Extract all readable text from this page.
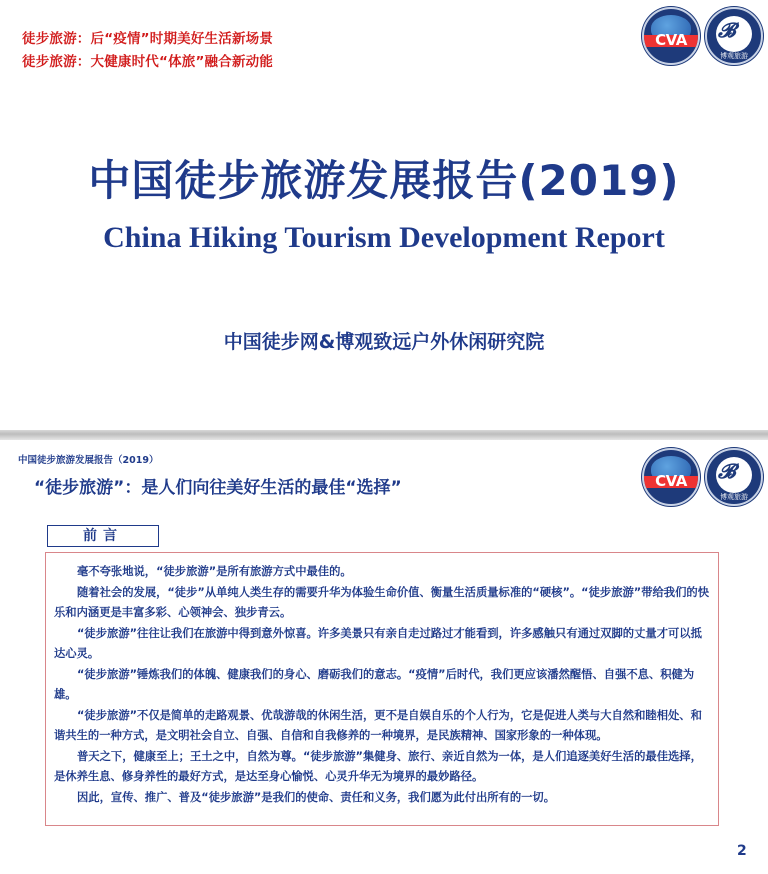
徒步旅游：后“疫情”时期美好生活新场景
徒步旅游：大健康时代“体旅”融合新动能
CVA	𝓑
博观旅游
中国徒步旅游发展报告(2019)
China Hiking Tourism Development Report
中国徒步网&博观致远户外休闲研究院
中国徒步旅游发展报告（2019）
“徒步旅游”：是人们向往美好生活的最佳“选择”	CVA	𝓑
博观旅游
前言

毫不夸张地说，“徒步旅游”是所有旅游方式中最佳的。

随着社会的发展，“徒步”从单纯人类生存的需要升华为体验生命价值、衡量生活质量标准的“硬核”。“徒步旅游”带给我们的快乐和内涵更是丰富多彩、心领神会、独步青云。

“徒步旅游”往往让我们在旅游中得到意外惊喜。许多美景只有亲自走过路过才能看到，许多感触只有通过双脚的丈量才可以抵达心灵。

“徒步旅游”锤炼我们的体魄、健康我们的身心、磨砺我们的意志。“疫情”后时代，我们更应该潘然醒悟、自强不息、积健为雄。

“徒步旅游”不仅是简单的走路观景、优哉游哉的休闲生活，更不是自娱自乐的个人行为，它是促进人类与大自然和睦相处、和谐共生的一种方式，是文明社会自立、自强、自信和自我修养的一种境界，是民族精神、国家形象的一种体现。

普天之下，健康至上；王土之中，自然为尊。“徒步旅游”集健身、旅行、亲近自然为一体，是人们追逐美好生活的最佳选择，是休养生息、修身养性的最好方式，是达至身心愉悦、心灵升华无为境界的最妙路径。

因此，宣传、推广、普及“徒步旅游”是我们的使命、责任和义务，我们愿为此付出所有的一切。

2
